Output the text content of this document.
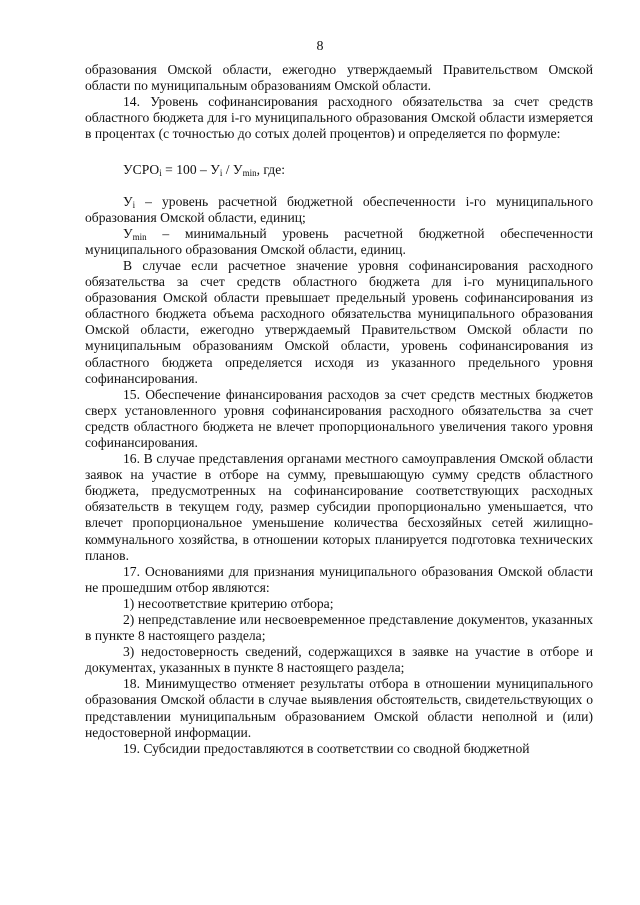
8

образования Омской области, ежегодно утверждаемый Правительством Омской области по муниципальным образованиям Омской области.

14. Уровень софинансирования расходного обязательства за счет средств областного бюджета для i-го муниципального образования Омской области измеряется в процентах (с точностью до сотых долей процентов) и определяется по формуле:

$УСРО_i = 100 - У_i / У_{min}$, где:

$У_i$ – уровень расчетной бюджетной обеспеченности i-го муниципального образования Омской области, единиц;

$У_{min}$ – минимальный уровень расчетной бюджетной обеспеченности муниципального образования Омской области, единиц.

В случае если расчетное значение уровня софинансирования расходного обязательства за счет средств областного бюджета для i-го муниципального образования Омской области превышает предельный уровень софинансирования из областного бюджета объема расходного обязательства муниципального образования Омской области, ежегодно утверждаемый Правительством Омской области по муниципальным образованиям Омской области, уровень софинансирования из областного бюджета определяется исходя из указанного предельного уровня софинансирования.

15. Обеспечение финансирования расходов за счет средств местных бюджетов сверх установленного уровня софинансирования расходного обязательства за счет средств областного бюджета не влечет пропорционального увеличения такого уровня софинансирования.

16. В случае представления органами местного самоуправления Омской области заявок на участие в отборе на сумму, превышающую сумму средств областного бюджета, предусмотренных на софинансирование соответствующих расходных обязательств в текущем году, размер субсидии пропорционально уменьшается, что влечет пропорциональное уменьшение количества бесхозяйных сетей жилищно-коммунального хозяйства, в отношении которых планируется подготовка технических планов.

17. Основаниями для признания муниципального образования Омской области не прошедшим отбор являются:

1) несоответствие критерию отбора;

2) непредставление или несвоевременное представление документов, указанных в пункте 8 настоящего раздела;

3) недостоверность сведений, содержащихся в заявке на участие в отборе и документах, указанных в пункте 8 настоящего раздела;

18. Минимущество отменяет результаты отбора в отношении муниципального образования Омской области в случае выявления обстоятельств, свидетельствующих о представлении муниципальным образованием Омской области неполной и (или) недостоверной информации.

19. Субсидии предоставляются в соответствии со сводной бюджетной
